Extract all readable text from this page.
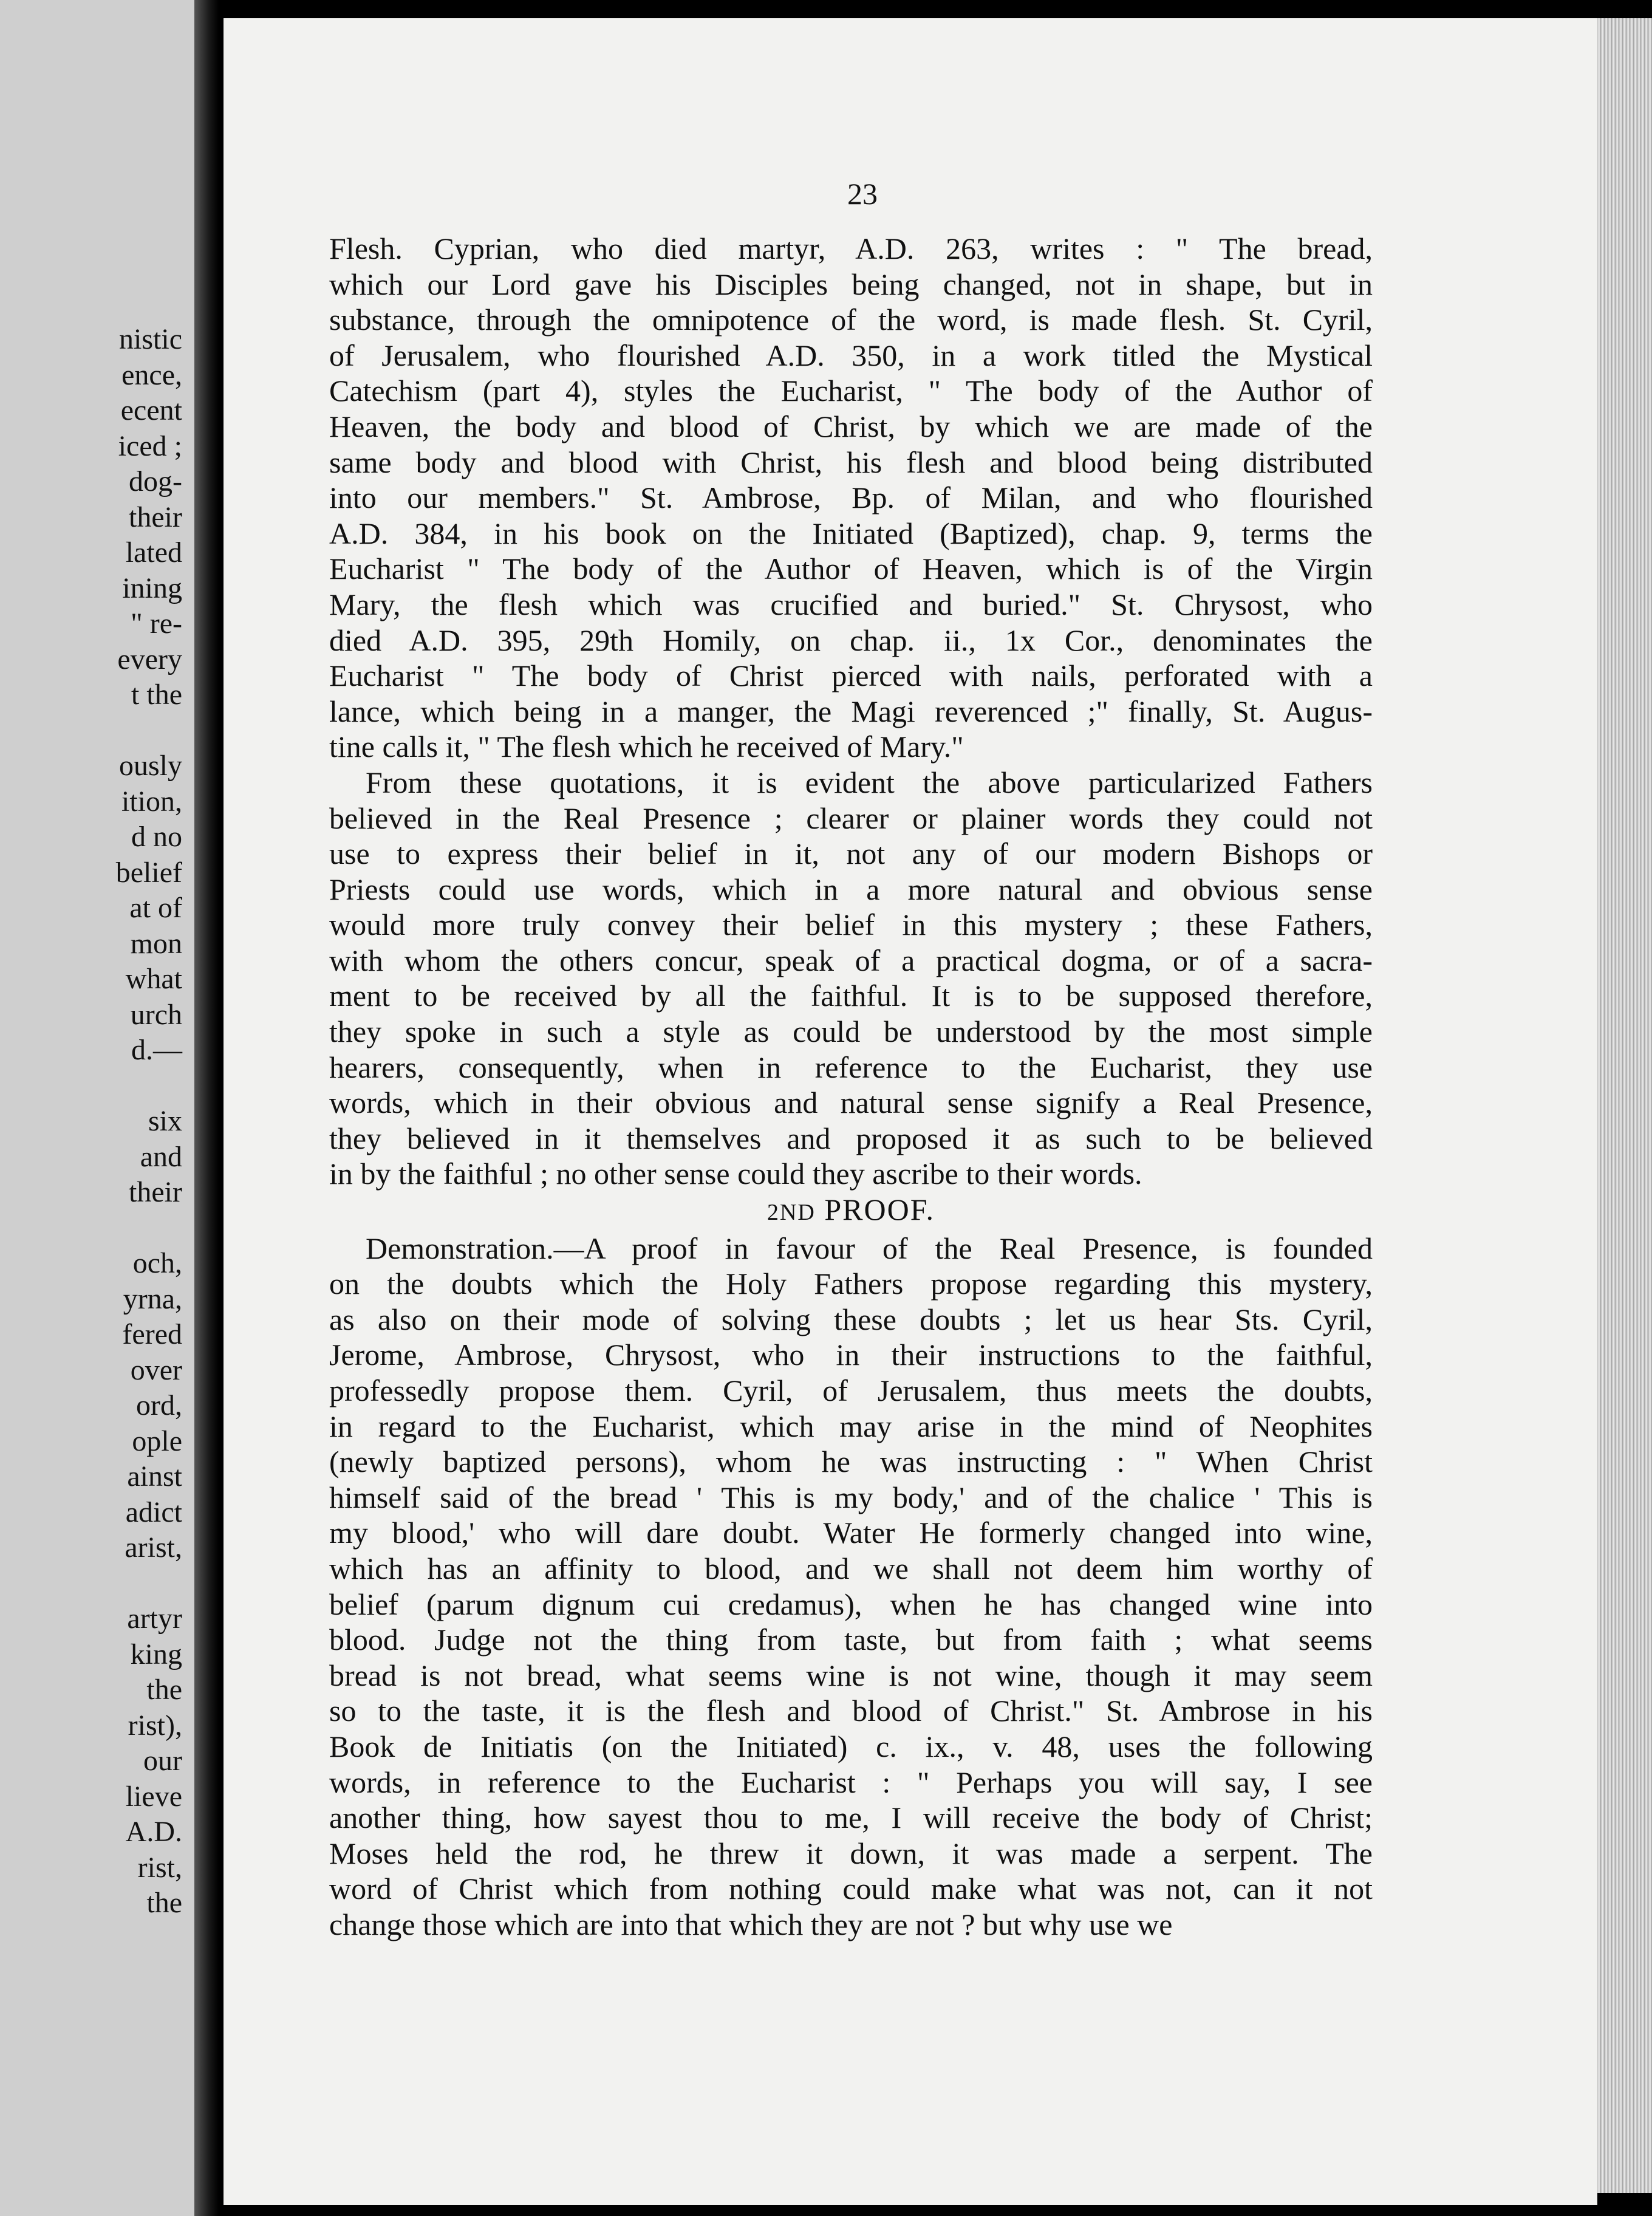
nistic
ence,
ecent
iced ;
dog-
their
lated
ining
" re-
every
t the
ously
ition,
d no
belief
at of
mon
what
urch
d.—
six
and
their
och,
yrna,
fered
over
ord,
ople
ainst
adict
arist,
artyr
king
the
rist),
our
lieve
A.D.
rist,
the
23
Flesh. Cyprian, who died martyr, A.D. 263, writes : " The bread,
which our Lord gave his Disciples being changed, not in shape, but in
substance, through the omnipotence of the word, is made flesh. St. Cyril,
of Jerusalem, who flourished A.D. 350, in a work titled the Mystical
Catechism (part 4), styles the Eucharist, " The body of the Author of
Heaven, the body and blood of Christ, by which we are made of the
same body and blood with Christ, his flesh and blood being distributed
into our members." St. Ambrose, Bp. of Milan, and who flourished
A.D. 384, in his book on the Initiated (Baptized), chap. 9, terms the
Eucharist " The body of the Author of Heaven, which is of the Virgin
Mary, the flesh which was crucified and buried." St. Chrysost, who
died A.D. 395, 29th Homily, on chap. ii., 1x Cor., denominates the
Eucharist " The body of Christ pierced with nails, perforated with a
lance, which being in a manger, the Magi reverenced ;" finally, St. Augus-
tine calls it, " The flesh which he received of Mary."
From these quotations, it is evident the above particularized Fathers
believed in the Real Presence ; clearer or plainer words they could not
use to express their belief in it, not any of our modern Bishops or
Priests could use words, which in a more natural and obvious sense
would more truly convey their belief in this mystery ; these Fathers,
with whom the others concur, speak of a practical dogma, or of a sacra-
ment to be received by all the faithful. It is to be supposed therefore,
they spoke in such a style as could be understood by the most simple
hearers, consequently, when in reference to the Eucharist, they use
words, which in their obvious and natural sense signify a Real Presence,
they believed in it themselves and proposed it as such to be believed
in by the faithful ; no other sense could they ascribe to their words.
2ND PROOF.
Demonstration.—A proof in favour of the Real Presence, is founded
on the doubts which the Holy Fathers propose regarding this mystery,
as also on their mode of solving these doubts ; let us hear Sts. Cyril,
Jerome, Ambrose, Chrysost, who in their instructions to the faithful,
professedly propose them. Cyril, of Jerusalem, thus meets the doubts,
in regard to the Eucharist, which may arise in the mind of Neophites
(newly baptized persons), whom he was instructing : " When Christ
himself said of the bread ' This is my body,' and of the chalice ' This is
my blood,' who will dare doubt. Water He formerly changed into wine,
which has an affinity to blood, and we shall not deem him worthy of
belief (parum dignum cui credamus), when he has changed wine into
blood. Judge not the thing from taste, but from faith ; what seems
bread is not bread, what seems wine is not wine, though it may seem
so to the taste, it is the flesh and blood of Christ." St. Ambrose in his
Book de Initiatis (on the Initiated) c. ix., v. 48, uses the following
words, in reference to the Eucharist : " Perhaps you will say, I see
another thing, how sayest thou to me, I will receive the body of Christ;
Moses held the rod, he threw it down, it was made a serpent. The
word of Christ which from nothing could make what was not, can it not
change those which are into that which they are not ? but why use we
